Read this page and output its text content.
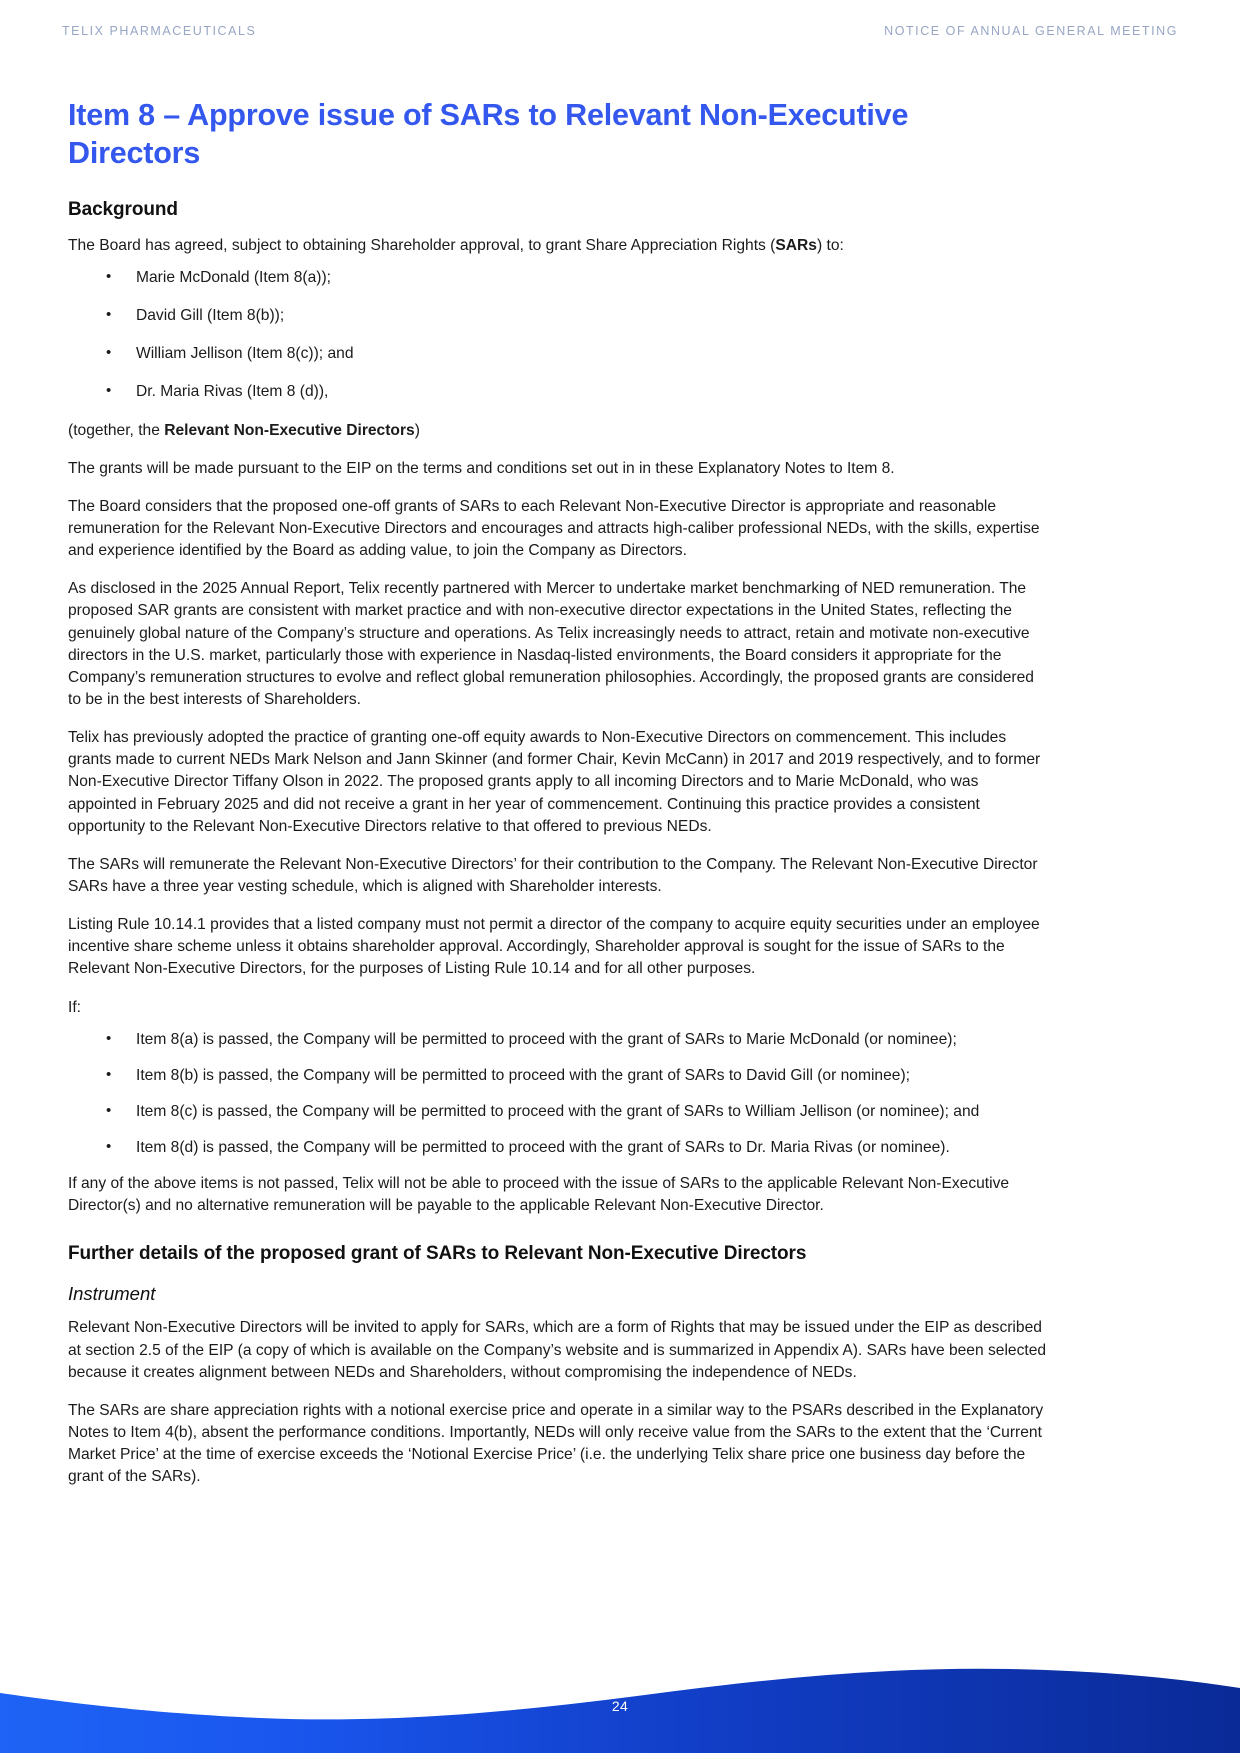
TELIX PHARMACEUTICALS	NOTICE OF ANNUAL GENERAL MEETING
Item 8 – Approve issue of SARs to Relevant Non-Executive Directors
Background

The Board has agreed, subject to obtaining Shareholder approval, to grant Share Appreciation Rights (SARs) to:

• Marie McDonald (Item 8(a));
• David Gill (Item 8(b));
• William Jellison (Item 8(c)); and
• Dr. Maria Rivas (Item 8 (d)),

(together, the Relevant Non-Executive Directors)

The grants will be made pursuant to the EIP on the terms and conditions set out in in these Explanatory Notes to Item 8.

The Board considers that the proposed one-off grants of SARs to each Relevant Non-Executive Director is appropriate and reasonable remuneration for the Relevant Non-Executive Directors and encourages and attracts high-caliber professional NEDs, with the skills, expertise and experience identified by the Board as adding value, to join the Company as Directors.

As disclosed in the 2025 Annual Report, Telix recently partnered with Mercer to undertake market benchmarking of NED remuneration. The proposed SAR grants are consistent with market practice and with non-executive director expectations in the United States, reflecting the genuinely global nature of the Company’s structure and operations. As Telix increasingly needs to attract, retain and motivate non-executive directors in the U.S. market, particularly those with experience in Nasdaq-listed environments, the Board considers it appropriate for the Company’s remuneration structures to evolve and reflect global remuneration philosophies. Accordingly, the proposed grants are considered to be in the best interests of Shareholders.

Telix has previously adopted the practice of granting one-off equity awards to Non-Executive Directors on commencement. This includes grants made to current NEDs Mark Nelson and Jann Skinner (and former Chair, Kevin McCann) in 2017 and 2019 respectively, and to former Non-Executive Director Tiffany Olson in 2022. The proposed grants apply to all incoming Directors and to Marie McDonald, who was appointed in February 2025 and did not receive a grant in her year of commencement. Continuing this practice provides a consistent opportunity to the Relevant Non-Executive Directors relative to that offered to previous NEDs.

The SARs will remunerate the Relevant Non-Executive Directors’ for their contribution to the Company. The Relevant Non-Executive Director SARs have a three year vesting schedule, which is aligned with Shareholder interests.

Listing Rule 10.14.1 provides that a listed company must not permit a director of the company to acquire equity securities under an employee incentive share scheme unless it obtains shareholder approval. Accordingly, Shareholder approval is sought for the issue of SARs to the Relevant Non-Executive Directors, for the purposes of Listing Rule 10.14 and for all other purposes.

If:

• Item 8(a) is passed, the Company will be permitted to proceed with the grant of SARs to Marie McDonald (or nominee);
• Item 8(b) is passed, the Company will be permitted to proceed with the grant of SARs to David Gill (or nominee);
• Item 8(c) is passed, the Company will be permitted to proceed with the grant of SARs to William Jellison (or nominee); and
• Item 8(d) is passed, the Company will be permitted to proceed with the grant of SARs to Dr. Maria Rivas (or nominee).

If any of the above items is not passed, Telix will not be able to proceed with the issue of SARs to the applicable Relevant Non-Executive Director(s) and no alternative remuneration will be payable to the applicable Relevant Non-Executive Director.

Further details of the proposed grant of SARs to Relevant Non-Executive Directors
Instrument

Relevant Non-Executive Directors will be invited to apply for SARs, which are a form of Rights that may be issued under the EIP as described at section 2.5 of the EIP (a copy of which is available on the Company’s website and is summarized in Appendix A). SARs have been selected because it creates alignment between NEDs and Shareholders, without compromising the independence of NEDs.

The SARs are share appreciation rights with a notional exercise price and operate in a similar way to the PSARs described in the Explanatory Notes to Item 4(b), absent the performance conditions. Importantly, NEDs will only receive value from the SARs to the extent that the ‘Current Market Price’ at the time of exercise exceeds the ‘Notional Exercise Price’ (i.e. the underlying Telix share price one business day before the grant of the SARs).

24
